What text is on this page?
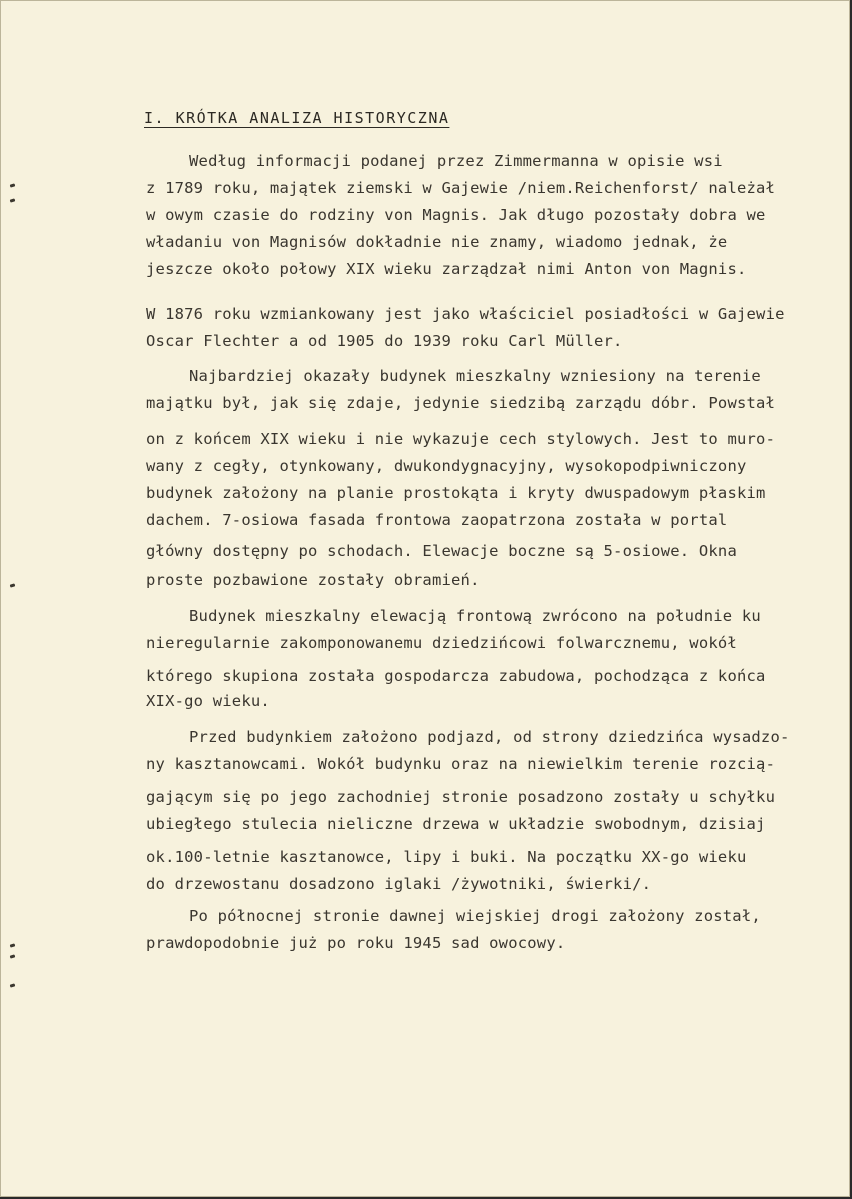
I. KRÓTKA ANALIZA HISTORYCZNA
Według informacji podanej przez Zimmermanna w opisie wsi
z 1789 roku, majątek ziemski w Gajewie /niem.Reichenforst/ należał
w owym czasie do rodziny von Magnis. Jak długo pozostały dobra we
władaniu von Magnisów dokładnie nie znamy, wiadomo jednak, że
jeszcze około połowy XIX wieku zarządzał nimi Anton von Magnis.
W 1876 roku wzmiankowany jest jako właściciel posiadłości w Gajewie
Oscar Flechter a od 1905 do 1939 roku Carl Müller.
Najbardziej okazały budynek mieszkalny wzniesiony na terenie
majątku był, jak się zdaje, jedynie siedzibą zarządu dóbr. Powstał
on z końcem XIX wieku i nie wykazuje cech stylowych. Jest to muro-
wany z cegły, otynkowany, dwukondygnacyjny, wysokopodpiwniczony
budynek założony na planie prostokąta i kryty dwuspadowym płaskim
dachem. 7-osiowa fasada frontowa zaopatrzona została w portal
główny dostępny po schodach. Elewacje boczne są 5-osiowe. Okna
proste pozbawione zostały obramień.
Budynek mieszkalny elewacją frontową zwrócono na południe ku
nieregularnie zakomponowanemu dziedzińcowi folwarcznemu, wokół
którego skupiona została gospodarcza zabudowa, pochodząca z końca
XIX-go wieku.
Przed budynkiem założono podjazd, od strony dziedzińca wysadzo-
ny kasztanowcami. Wokół budynku oraz na niewielkim terenie rozcią-
gającym się po jego zachodniej stronie posadzono zostały u schyłku
ubiegłego stulecia nieliczne drzewa w układzie swobodnym, dzisiaj
ok.100-letnie kasztanowce, lipy i buki. Na początku XX-go wieku
do drzewostanu dosadzono iglaki /żywotniki, świerki/.
Po północnej stronie dawnej wiejskiej drogi założony został,
prawdopodobnie już po roku 1945 sad owocowy.
